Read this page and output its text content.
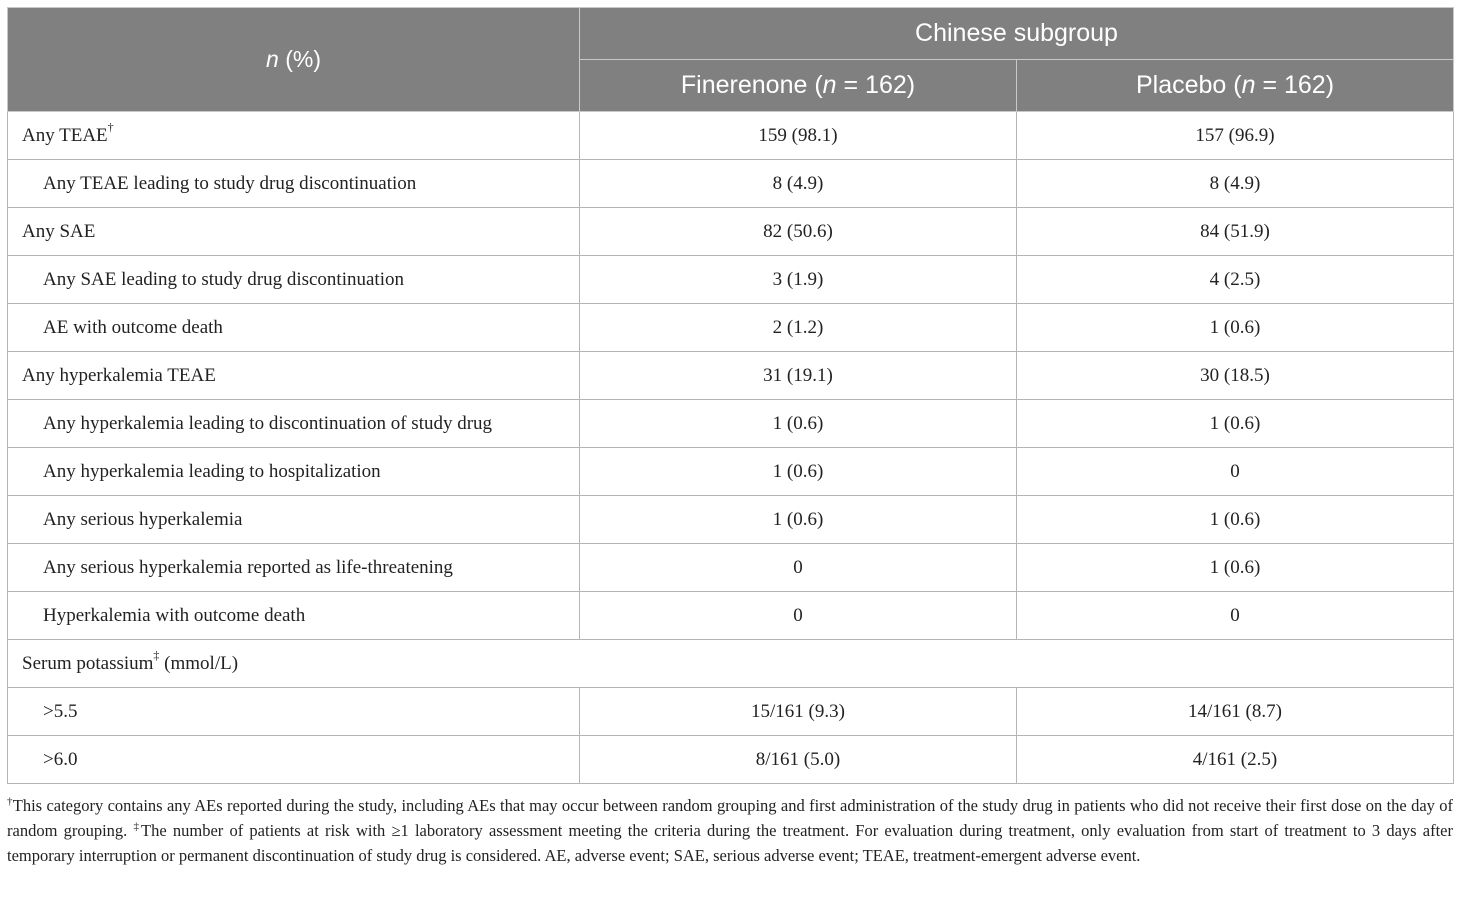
n (%)	Chinese subgroup	
	Finerenone (n = 162)	Placebo (n = 162)
Any TEAE†	159 (98.1)	157 (96.9)
Any TEAE leading to study drug discontinuation	8 (4.9)	8 (4.9)
Any SAE	82 (50.6)	84 (51.9)
Any SAE leading to study drug discontinuation	3 (1.9)	4 (2.5)
AE with outcome death	2 (1.2)	1 (0.6)
Any hyperkalemia TEAE	31 (19.1)	30 (18.5)
Any hyperkalemia leading to discontinuation of study drug	1 (0.6)	1 (0.6)
Any hyperkalemia leading to hospitalization	1 (0.6)	0
Any serious hyperkalemia	1 (0.6)	1 (0.6)
Any serious hyperkalemia reported as life-threatening	0	1 (0.6)
Hyperkalemia with outcome death	0	0
Serum potassium‡ (mmol/L)		
>5.5	15/161 (9.3)	14/161 (8.7)
>6.0	8/161 (5.0)	4/161 (2.5)

†This category contains any AEs reported during the study, including AEs that may occur between random grouping and first administration of the study drug in patients who did not receive their first dose on the day of random grouping. ‡The number of patients at risk with ≥1 laboratory assessment meeting the criteria during the treatment. For evaluation during treatment, only evaluation from start of treatment to 3 days after temporary interruption or permanent discontinuation of study drug is considered. AE, adverse event; SAE, serious adverse event; TEAE, treatment-emergent adverse event.
